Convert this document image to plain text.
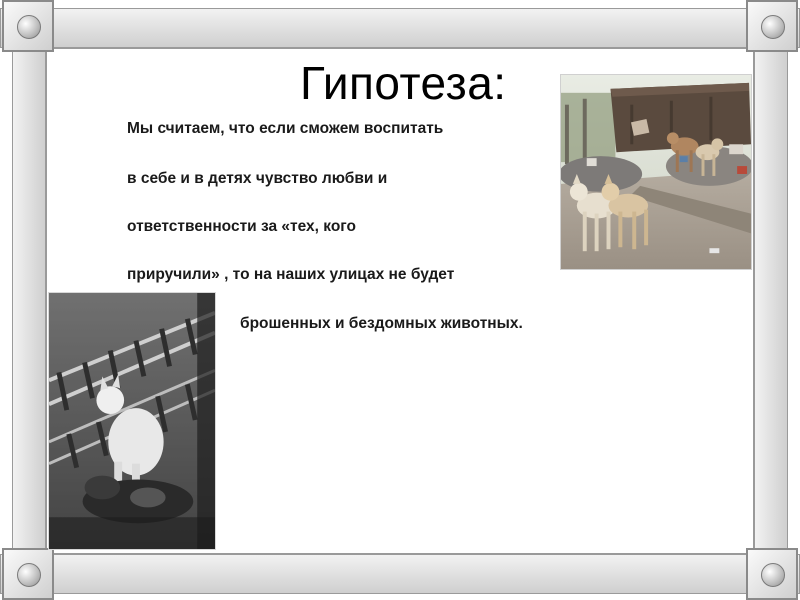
Гипотеза:
Мы считаем, что если сможем воспитать
в себе и в детях чувство любви и
ответственности за «тех, кого
приручили» , то на наших улицах не будет
брошенных и бездомных животных.
